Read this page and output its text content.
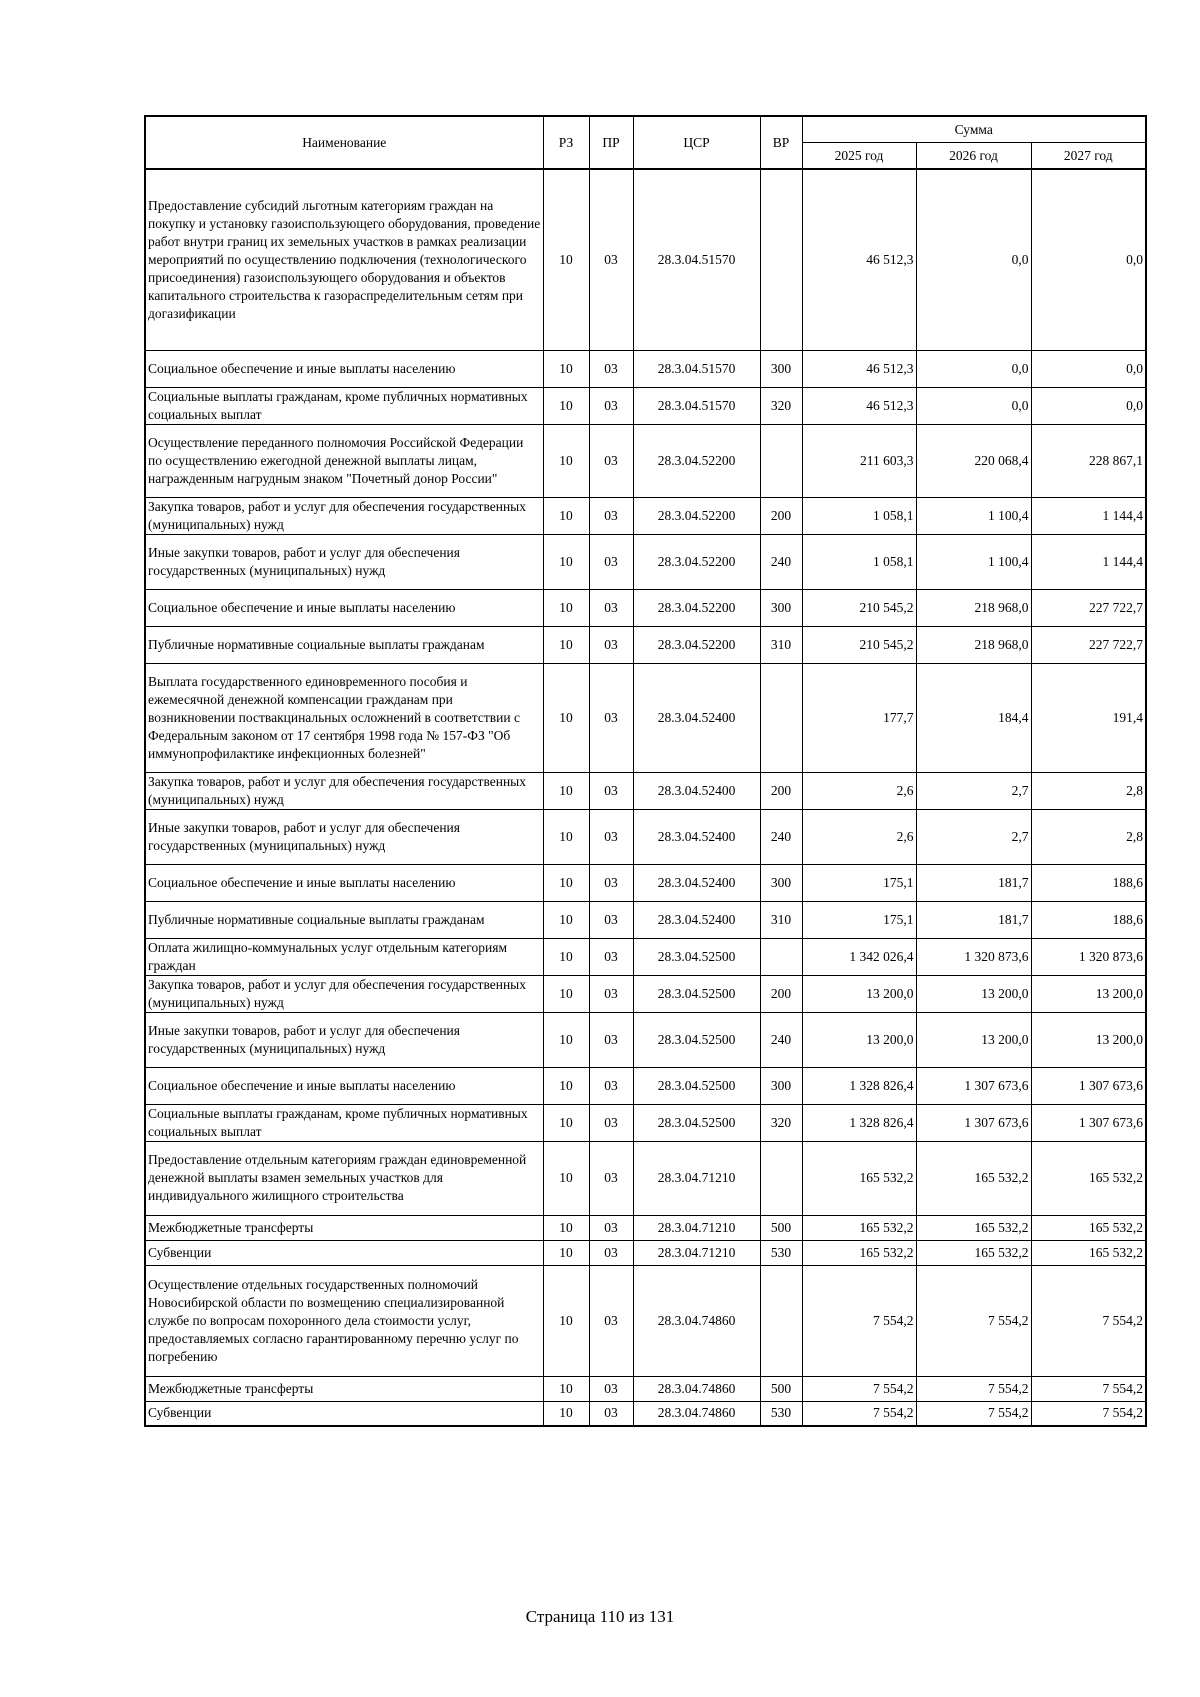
Наименование	РЗ	ПР	ЦСР	ВР	Сумма		
					2025 год	2026 год	2027 год
Предоставление субсидий льготным категориям граждан на покупку и установку газоиспользующего оборудования, проведение работ внутри границ их земельных участков в рамках реализации мероприятий по осуществлению подключения (технологического присоединения) газоиспользующего оборудования и объектов капитального строительства к газораспределительным сетям при догазификации	10	03	28.3.04.51570		46 512,3	0,0	0,0
Социальное обеспечение и иные выплаты населению	10	03	28.3.04.51570	300	46 512,3	0,0	0,0
Социальные выплаты гражданам, кроме публичных нормативных социальных выплат	10	03	28.3.04.51570	320	46 512,3	0,0	0,0
Осуществление переданного полномочия Российской Федерации по осуществлению ежегодной денежной выплаты лицам, награжденным нагрудным знаком "Почетный донор России"	10	03	28.3.04.52200		211 603,3	220 068,4	228 867,1
Закупка товаров, работ и услуг для обеспечения государственных (муниципальных) нужд	10	03	28.3.04.52200	200	1 058,1	1 100,4	1 144,4
Иные закупки товаров, работ и услуг для обеспечения государственных (муниципальных) нужд	10	03	28.3.04.52200	240	1 058,1	1 100,4	1 144,4
Социальное обеспечение и иные выплаты населению	10	03	28.3.04.52200	300	210 545,2	218 968,0	227 722,7
Публичные нормативные социальные выплаты гражданам	10	03	28.3.04.52200	310	210 545,2	218 968,0	227 722,7
Выплата государственного единовременного пособия и ежемесячной денежной компенсации гражданам при возникновении поствакцинальных осложнений в соответствии с Федеральным законом от 17 сентября 1998 года № 157-ФЗ "Об иммунопрофилактике инфекционных болезней"	10	03	28.3.04.52400		177,7	184,4	191,4
Закупка товаров, работ и услуг для обеспечения государственных (муниципальных) нужд	10	03	28.3.04.52400	200	2,6	2,7	2,8
Иные закупки товаров, работ и услуг для обеспечения государственных (муниципальных) нужд	10	03	28.3.04.52400	240	2,6	2,7	2,8
Социальное обеспечение и иные выплаты населению	10	03	28.3.04.52400	300	175,1	181,7	188,6
Публичные нормативные социальные выплаты гражданам	10	03	28.3.04.52400	310	175,1	181,7	188,6
Оплата жилищно-коммунальных услуг отдельным категориям граждан	10	03	28.3.04.52500		1 342 026,4	1 320 873,6	1 320 873,6
Закупка товаров, работ и услуг для обеспечения государственных (муниципальных) нужд	10	03	28.3.04.52500	200	13 200,0	13 200,0	13 200,0
Иные закупки товаров, работ и услуг для обеспечения государственных (муниципальных) нужд	10	03	28.3.04.52500	240	13 200,0	13 200,0	13 200,0
Социальное обеспечение и иные выплаты населению	10	03	28.3.04.52500	300	1 328 826,4	1 307 673,6	1 307 673,6
Социальные выплаты гражданам, кроме публичных нормативных социальных выплат	10	03	28.3.04.52500	320	1 328 826,4	1 307 673,6	1 307 673,6
Предоставление отдельным категориям граждан единовременной денежной выплаты взамен земельных участков для индивидуального жилищного строительства	10	03	28.3.04.71210		165 532,2	165 532,2	165 532,2
Межбюджетные трансферты	10	03	28.3.04.71210	500	165 532,2	165 532,2	165 532,2
Субвенции	10	03	28.3.04.71210	530	165 532,2	165 532,2	165 532,2
Осуществление отдельных государственных полномочий Новосибирской области по возмещению специализированной службе по вопросам похоронного дела стоимости услуг, предоставляемых согласно гарантированному перечню услуг по погребению	10	03	28.3.04.74860		7 554,2	7 554,2	7 554,2
Межбюджетные трансферты	10	03	28.3.04.74860	500	7 554,2	7 554,2	7 554,2
Субвенции	10	03	28.3.04.74860	530	7 554,2	7 554,2	7 554,2
Страница 110 из 131
